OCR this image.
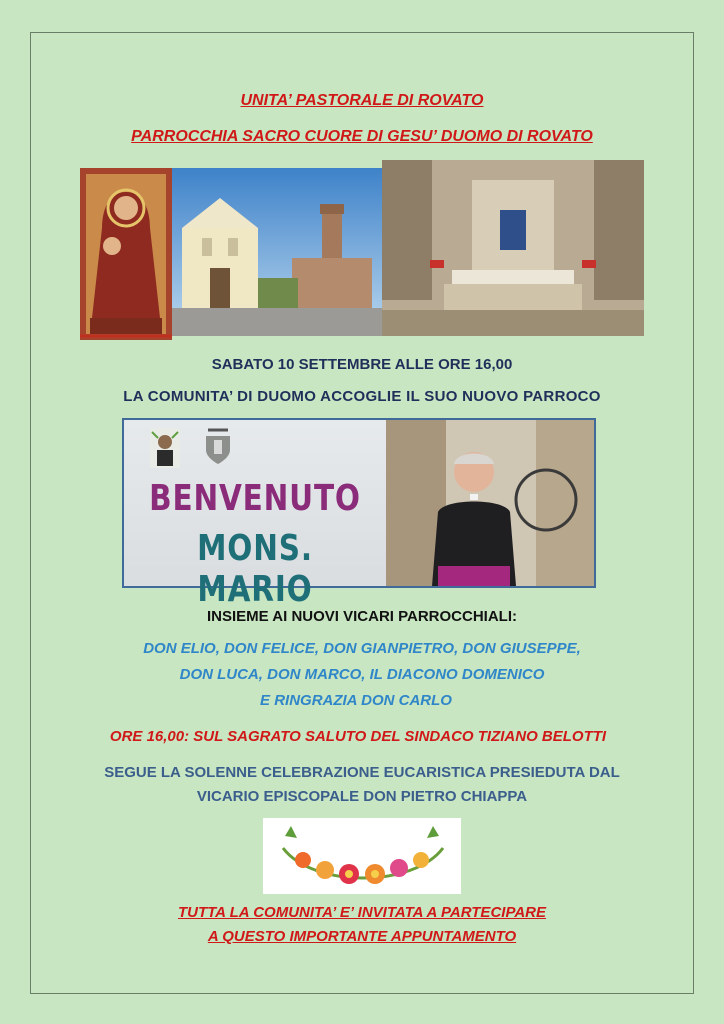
UNITA’ PASTORALE DI ROVATO
PARROCCHIA SACRO CUORE DI GESU’ DUOMO DI ROVATO
SABATO 10 SETTEMBRE ALLE ORE 16,00
LA COMUNITA’ DI DUOMO ACCOGLIE IL SUO NUOVO PARROCO
BENVENUTO
MONS. MARIO
INSIEME AI NUOVI VICARI PARROCCHIALI:
DON ELIO, DON FELICE, DON GIANPIETRO, DON GIUSEPPE,
DON LUCA, DON MARCO, IL DIACONO DOMENICO
E RINGRAZIA DON CARLO
ORE 16,00: SUL SAGRATO SALUTO DEL SINDACO TIZIANO BELOTTI
SEGUE LA SOLENNE CELEBRAZIONE EUCARISTICA PRESIEDUTA DAL
VICARIO EPISCOPALE DON PIETRO CHIAPPA
TUTTA LA COMUNITA’ E’ INVITATA A PARTECIPARE
A QUESTO IMPORTANTE APPUNTAMENTO
